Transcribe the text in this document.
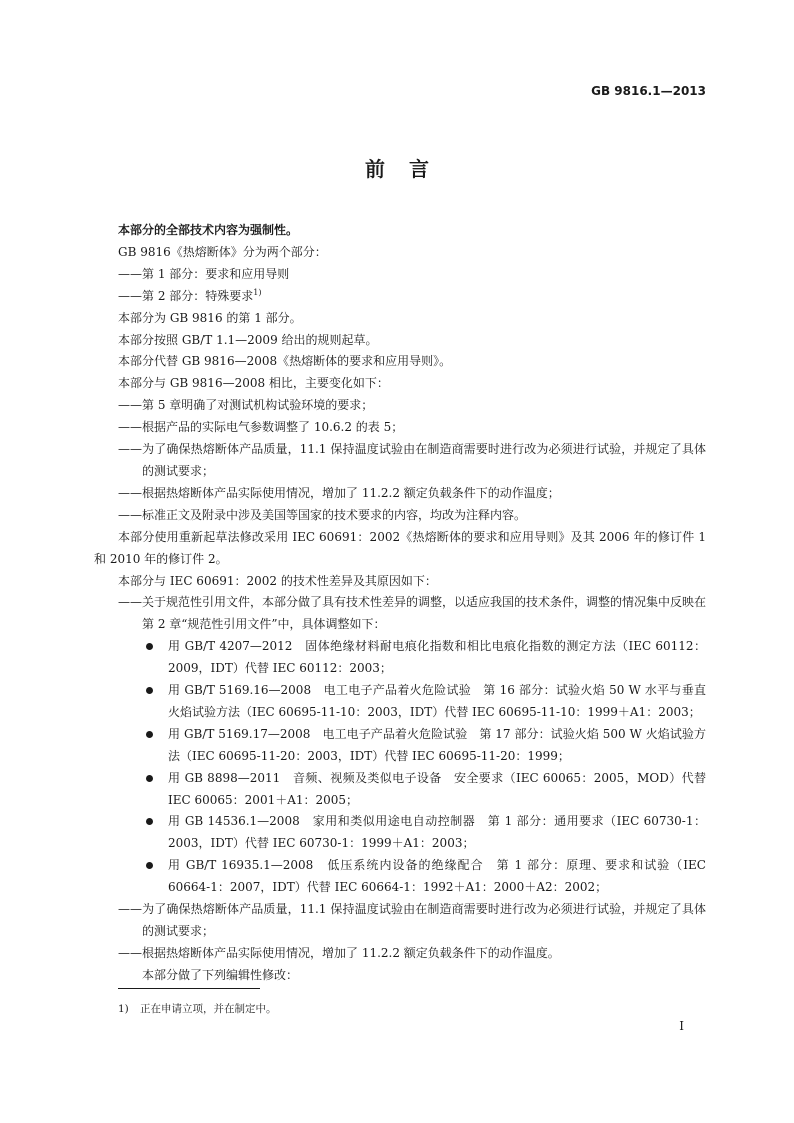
GB 9816.1—2013
前言
本部分的全部技术内容为强制性。
GB 9816《热熔断体》分为两个部分：
——第 1 部分：要求和应用导则
——第 2 部分：特殊要求$^{1)}$
本部分为 GB 9816 的第 1 部分。
本部分按照 GB/T 1.1—2009 给出的规则起草。
本部分代替 GB 9816—2008《热熔断体的要求和应用导则》。
本部分与 GB 9816—2008 相比，主要变化如下：
——第 5 章明确了对测试机构试验环境的要求；
——根据产品的实际电气参数调整了 10.6.2 的表 5；
——为了确保热熔断体产品质量，11.1 保持温度试验由在制造商需要时进行改为必须进行试验，并规定了具体的测试要求；
——根据热熔断体产品实际使用情况，增加了 11.2.2 额定负载条件下的动作温度；
——标准正文及附录中涉及美国等国家的技术要求的内容，均改为注释内容。
本部分使用重新起草法修改采用 IEC 60691：2002《热熔断体的要求和应用导则》及其 2006 年的修订件 1 和 2010 年的修订件 2。
本部分与 IEC 60691：2002 的技术性差异及其原因如下：
——关于规范性引用文件，本部分做了具有技术性差异的调整，以适应我国的技术条件，调整的情况集中反映在第 2 章“规范性引用文件”中，具体调整如下：
用 GB/T 4207—2012　固体绝缘材料耐电痕化指数和相比电痕化指数的测定方法（IEC 60112：2009，IDT）代替 IEC 60112：2003；
用 GB/T 5169.16—2008　电工电子产品着火危险试验　第 16 部分：试验火焰 50 W 水平与垂直火焰试验方法（IEC 60695-11-10：2003，IDT）代替 IEC 60695-11-10：1999＋A1：2003；
用 GB/T 5169.17—2008　电工电子产品着火危险试验　第 17 部分：试验火焰 500 W 火焰试验方法（IEC 60695-11-20：2003，IDT）代替 IEC 60695-11-20：1999；
用 GB 8898—2011　音频、视频及类似电子设备　安全要求（IEC 60065：2005，MOD）代替 IEC 60065：2001＋A1：2005；
用 GB 14536.1—2008　家用和类似用途电自动控制器　第 1 部分：通用要求（IEC 60730-1：2003，IDT）代替 IEC 60730-1：1999＋A1：2003；
用 GB/T 16935.1—2008　低压系统内设备的绝缘配合　第 1 部分：原理、要求和试验（IEC 60664-1：2007，IDT）代替 IEC 60664-1：1992＋A1：2000＋A2：2002；
——为了确保热熔断体产品质量，11.1 保持温度试验由在制造商需要时进行改为必须进行试验，并规定了具体的测试要求；
——根据热熔断体产品实际使用情况，增加了 11.2.2 额定负载条件下的动作温度。
本部分做了下列编辑性修改：
1) 正在申请立项，并在制定中。
I
